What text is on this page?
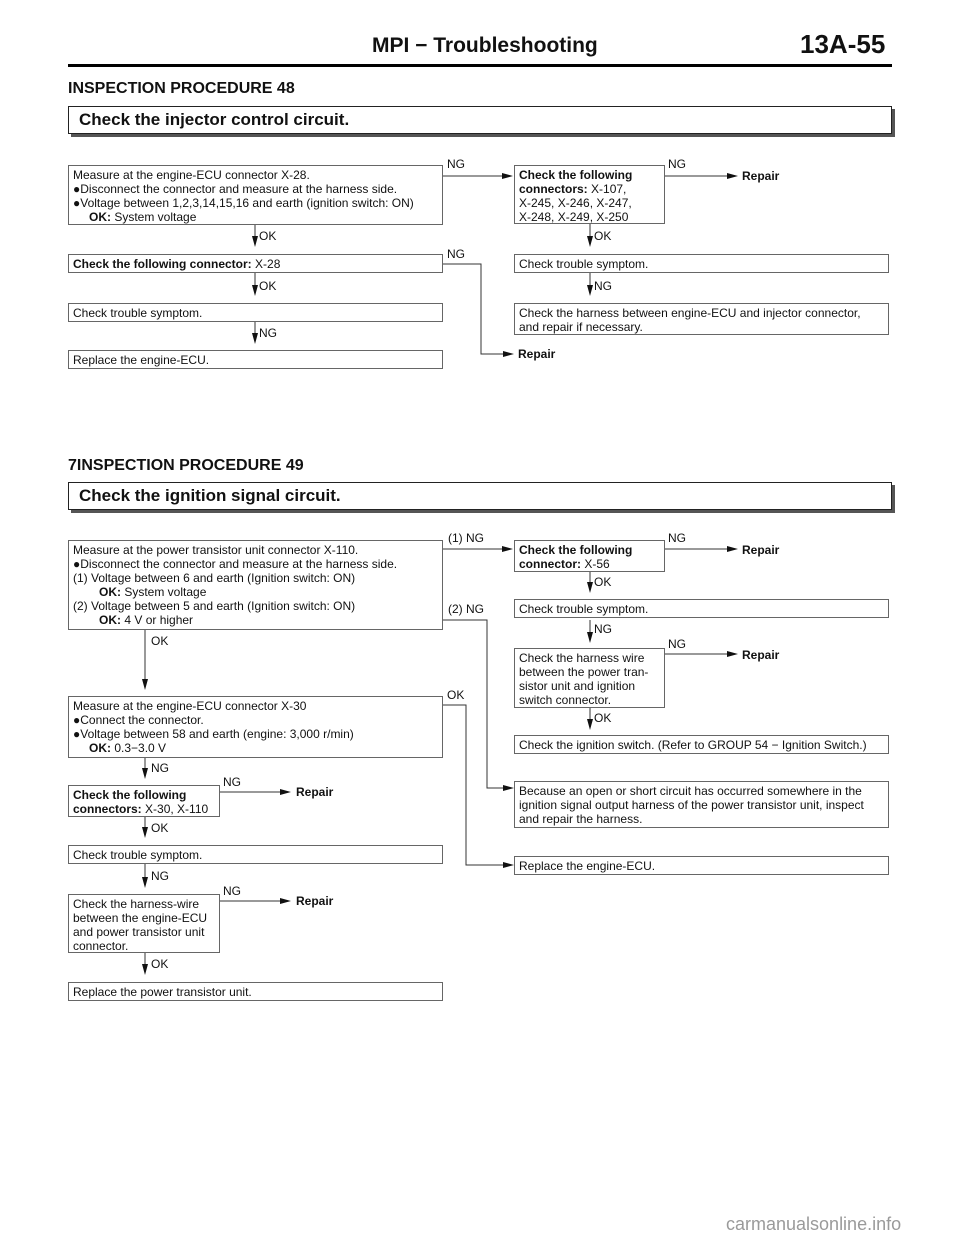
MPI − Troubleshooting	13A-55
INSPECTION PROCEDURE 48
Check the injector control circuit.
Measure at the engine-ECU connector X-28.
●Disconnect the connector and measure at the harness side.
●Voltage between 1,2,3,14,15,16 and earth (ignition switch: ON)
OK: System voltage
NG
OK
Check the following connector: X-28
NG
OK
Check trouble symptom.
NG
Replace the engine-ECU.
Check the following connectors: X-107,
X-245, X-246, X-247,
X-248, X-249, X-250
NG
Repair
OK
Check trouble symptom.
NG
Check the harness between engine-ECU and injector connector,
and repair if necessary.
Repair
7INSPECTION PROCEDURE 49
Check the ignition signal circuit.
Measure at the power transistor unit connector X-110.
●Disconnect the connector and measure at the harness side.
(1) Voltage between 6 and earth (Ignition switch: ON)
OK: System voltage
(2) Voltage between 5 and earth (Ignition switch: ON)
OK: 4 V or higher
(1) NG
(2) NG
OK
Measure at the engine-ECU connector X-30
●Connect the connector.
●Voltage between 58 and earth (engine: 3,000 r/min)
OK: 0.3−3.0 V
OK
NG
Check the following connectors: X-30, X-110
NG
Repair
OK
Check trouble symptom.
NG
Check the harness-wire
between the engine-ECU
and power transistor unit
connector.
NG
Repair
OK
Replace the power transistor unit.
Check the following connector: X-56
NG
Repair
OK
Check trouble symptom.
NG
Check the harness wire
between the power tran-
sistor unit and ignition
switch connector.
NG
Repair
OK
Check the ignition switch. (Refer to GROUP 54 − Ignition Switch.)
Because an open or short circuit has occurred somewhere in the
ignition signal output harness of the power transistor unit, inspect
and repair the harness.
Replace the engine-ECU.
carmanualsonline.info
